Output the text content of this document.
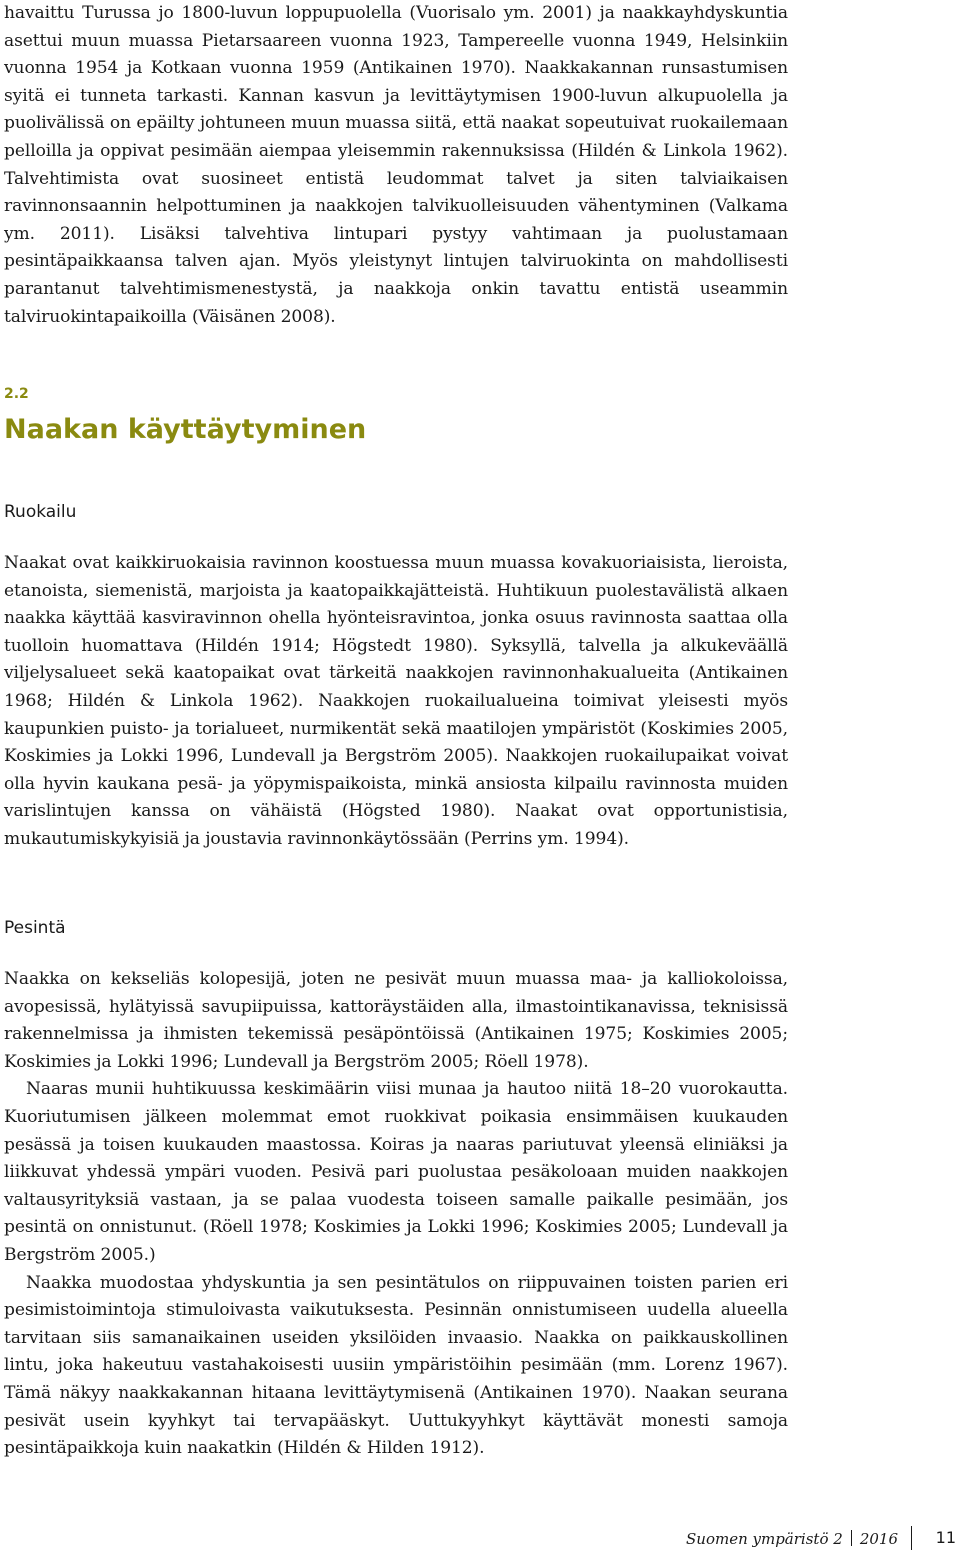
havaittu Turussa jo 1800-luvun loppupuolella (Vuorisalo ym. 2001) ja naakkayhdyskuntia asettui muun muassa Pietarsaareen vuonna 1923, Tampereelle vuonna 1949, Helsinkiin vuonna 1954 ja Kotkaan vuonna 1959 (Antikainen 1970). Naakkakannan runsastumisen syitä ei tunneta tarkasti. Kannan kasvun ja levittäytymisen 1900-luvun alkupuolella ja puolivälissä on epäilty johtuneen muun muassa siitä, että naakat sopeutuivat ruokailemaan pelloilla ja oppivat pesimään aiempaa yleisemmin rakennuksissa (Hildén & Linkola 1962). Talvehtimista ovat suosineet entistä leudommat talvet ja siten talviaikaisen ravinnonsaannin helpottuminen ja naakkojen talvikuolleisuuden vähentyminen (Valkama ym. 2011). Lisäksi talvehtiva lintupari pystyy vahtimaan ja puolustamaan pesintäpaikkaansa talven ajan. Myös yleistynyt lintujen talviruokinta on mahdollisesti parantanut talvehtimismenestystä, ja naakkoja onkin tavattu entistä useammin talviruokintapaikoilla (Väisänen 2008).

2.2
Naakan käyttäytyminen
Ruokailu

Naakat ovat kaikkiruokaisia ravinnon koostuessa muun muassa kovakuoriaisista, lieroista, etanoista, siemenistä, marjoista ja kaatopaikkajätteistä. Huhtikuun puolestavälistä alkaen naakka käyttää kasviravinnon ohella hyönteisravintoa, jonka osuus ravinnosta saattaa olla tuolloin huomattava (Hildén 1914; Högstedt 1980). Syksyllä, talvella ja alkukeväällä viljelysalueet sekä kaatopaikat ovat tärkeitä naakkojen ravinnonhakualueita (Antikainen 1968; Hildén & Linkola 1962). Naakkojen ruokailualueina toimivat yleisesti myös kaupunkien puisto- ja torialueet, nurmikentät sekä maatilojen ympäristöt (Koskimies 2005, Koskimies ja Lokki 1996, Lundevall ja Bergström 2005). Naakkojen ruokailupaikat voivat olla hyvin kaukana pesä- ja yöpymispaikoista, minkä ansiosta kilpailu ravinnosta muiden varislintujen kanssa on vähäistä (Högsted 1980). Naakat ovat opportunistisia, mukautumiskykyisiä ja joustavia ravinnonkäytössään (Perrins ym. 1994).

Pesintä

Naakka on kekseliäs kolopesijä, joten ne pesivät muun muassa maa- ja kalliokoloissa, avopesissä, hylätyissä savupiipuissa, kattoräystäiden alla, ilmastointikanavissa, teknisissä rakennelmissa ja ihmisten tekemissä pesäpöntöissä (Antikainen 1975; Koskimies 2005; Koskimies ja Lokki 1996; Lundevall ja Bergström 2005; Röell 1978).

Naaras munii huhtikuussa keskimäärin viisi munaa ja hautoo niitä 18–20 vuorokautta. Kuoriutumisen jälkeen molemmat emot ruokkivat poikasia ensimmäisen kuukauden pesässä ja toisen kuukauden maastossa. Koiras ja naaras pariutuvat yleensä eliniäksi ja liikkuvat yhdessä ympäri vuoden. Pesivä pari puolustaa pesäkoloaan muiden naakkojen valtausyrityksiä vastaan, ja se palaa vuodesta toiseen samalle paikalle pesimään, jos pesintä on onnistunut. (Röell 1978; Koskimies ja Lokki 1996; Koskimies 2005; Lundevall ja Bergström 2005.)

Naakka muodostaa yhdyskuntia ja sen pesintätulos on riippuvainen toisten parien eri pesimistoimintoja stimuloivasta vaikutuksesta. Pesinnän onnistumiseen uudella alueella tarvitaan siis samanaikainen useiden yksilöiden invaasio. Naakka on paikkauskollinen lintu, joka hakeutuu vastahakoisesti uusiin ympäristöihin pesimään (mm. Lorenz 1967). Tämä näkyy naakkakannan hitaana levittäytymisenä (Antikainen 1970). Naakan seurana pesivät usein kyyhkyt tai tervapääskyt. Uuttukyyhkyt käyttävät monesti samoja pesintäpaikkoja kuin naakatkin (Hildén & Hilden 1912).

Suomen ympäristö 2 2016 11
